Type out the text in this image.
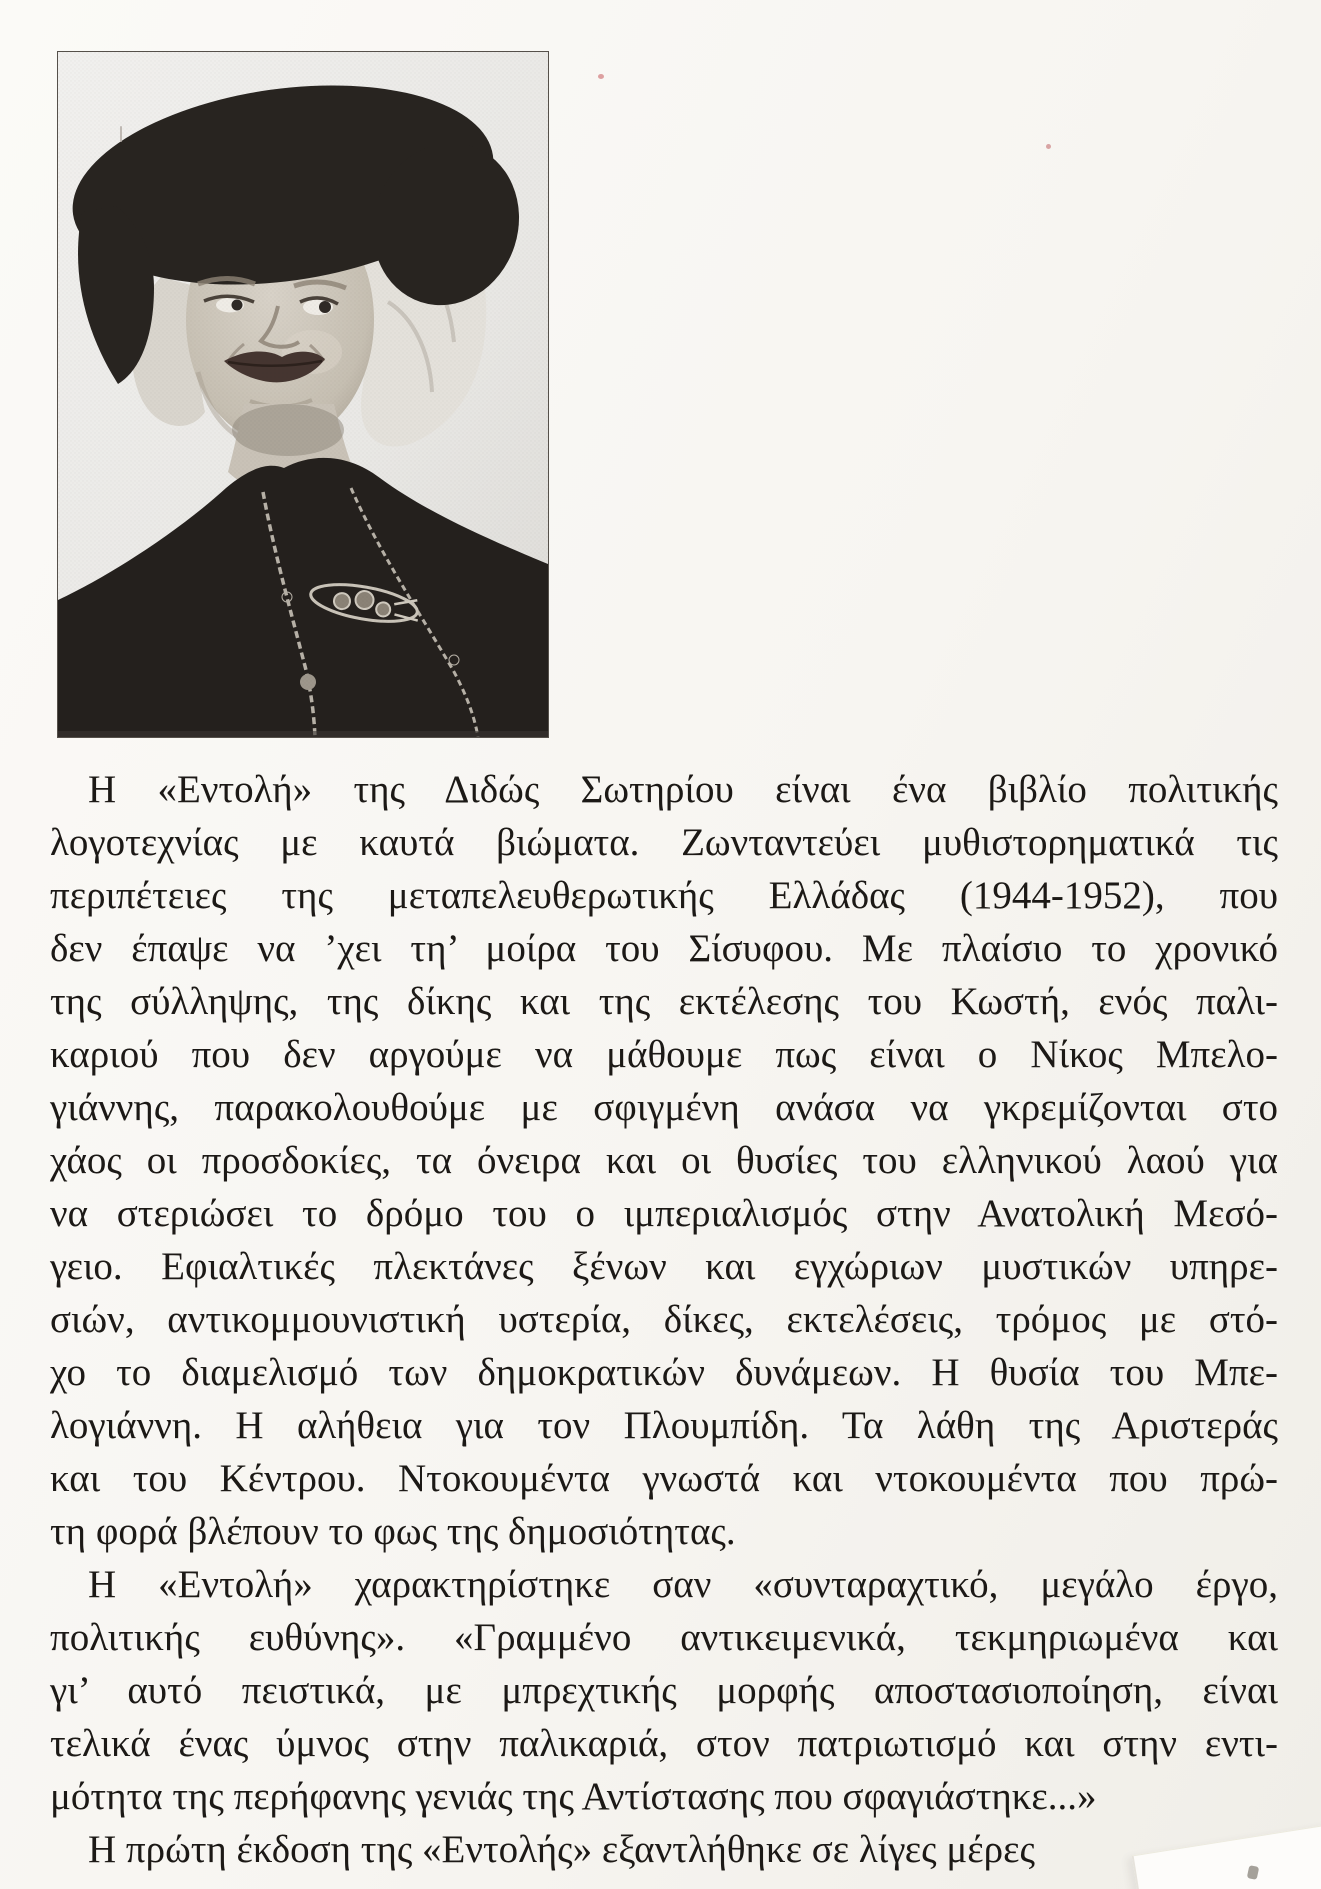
Η «Εντολή» της Διδώς Σωτηρίου είναι ένα βιβλίο πολιτικής
λογοτεχνίας με καυτά βιώματα. Ζωνταντεύει μυθιστορηματικά τις
περιπέτειες της μεταπελευθερωτικής Ελλάδας (1944-1952), που
δεν έπαψε να ’χει τη’ μοίρα του Σίσυφου. Με πλαίσιο το χρονικό
της σύλληψης, της δίκης και της εκτέλεσης του Κωστή, ενός παλι-
καριού που δεν αργούμε να μάθουμε πως είναι ο Νίκος Μπελο-
γιάννης, παρακολουθούμε με σφιγμένη ανάσα να γκρεμίζονται στο
χάος οι προσδοκίες, τα όνειρα και οι θυσίες του ελληνικού λαού για
να στεριώσει το δρόμο του ο ιμπεριαλισμός στην Ανατολική Μεσό-
γειο. Εφιαλτικές πλεκτάνες ξένων και εγχώριων μυστικών υπηρε-
σιών, αντικομμουνιστική υστερία, δίκες, εκτελέσεις, τρόμος με στό-
χο το διαμελισμό των δημοκρατικών δυνάμεων. Η θυσία του Μπε-
λογιάννη. Η αλήθεια για τον Πλουμπίδη. Τα λάθη της Αριστεράς
και του Κέντρου. Ντοκουμέντα γνωστά και ντοκουμέντα που πρώ-
τη φορά βλέπουν το φως της δημοσιότητας.
Η «Εντολή» χαρακτηρίστηκε σαν «συνταραχτικό, μεγάλο έργο,
πολιτικής ευθύνης». «Γραμμένο αντικειμενικά, τεκμηριωμένα και
γι’ αυτό πειστικά, με μπρεχτικής μορφής αποστασιοποίηση, είναι
τελικά ένας ύμνος στην παλικαριά, στον πατριωτισμό και στην εντι-
μότητα της περήφανης γενιάς της Αντίστασης που σφαγιάστηκε...»
Η πρώτη έκδοση της «Εντολής» εξαντλήθηκε σε λίγες μέρες
